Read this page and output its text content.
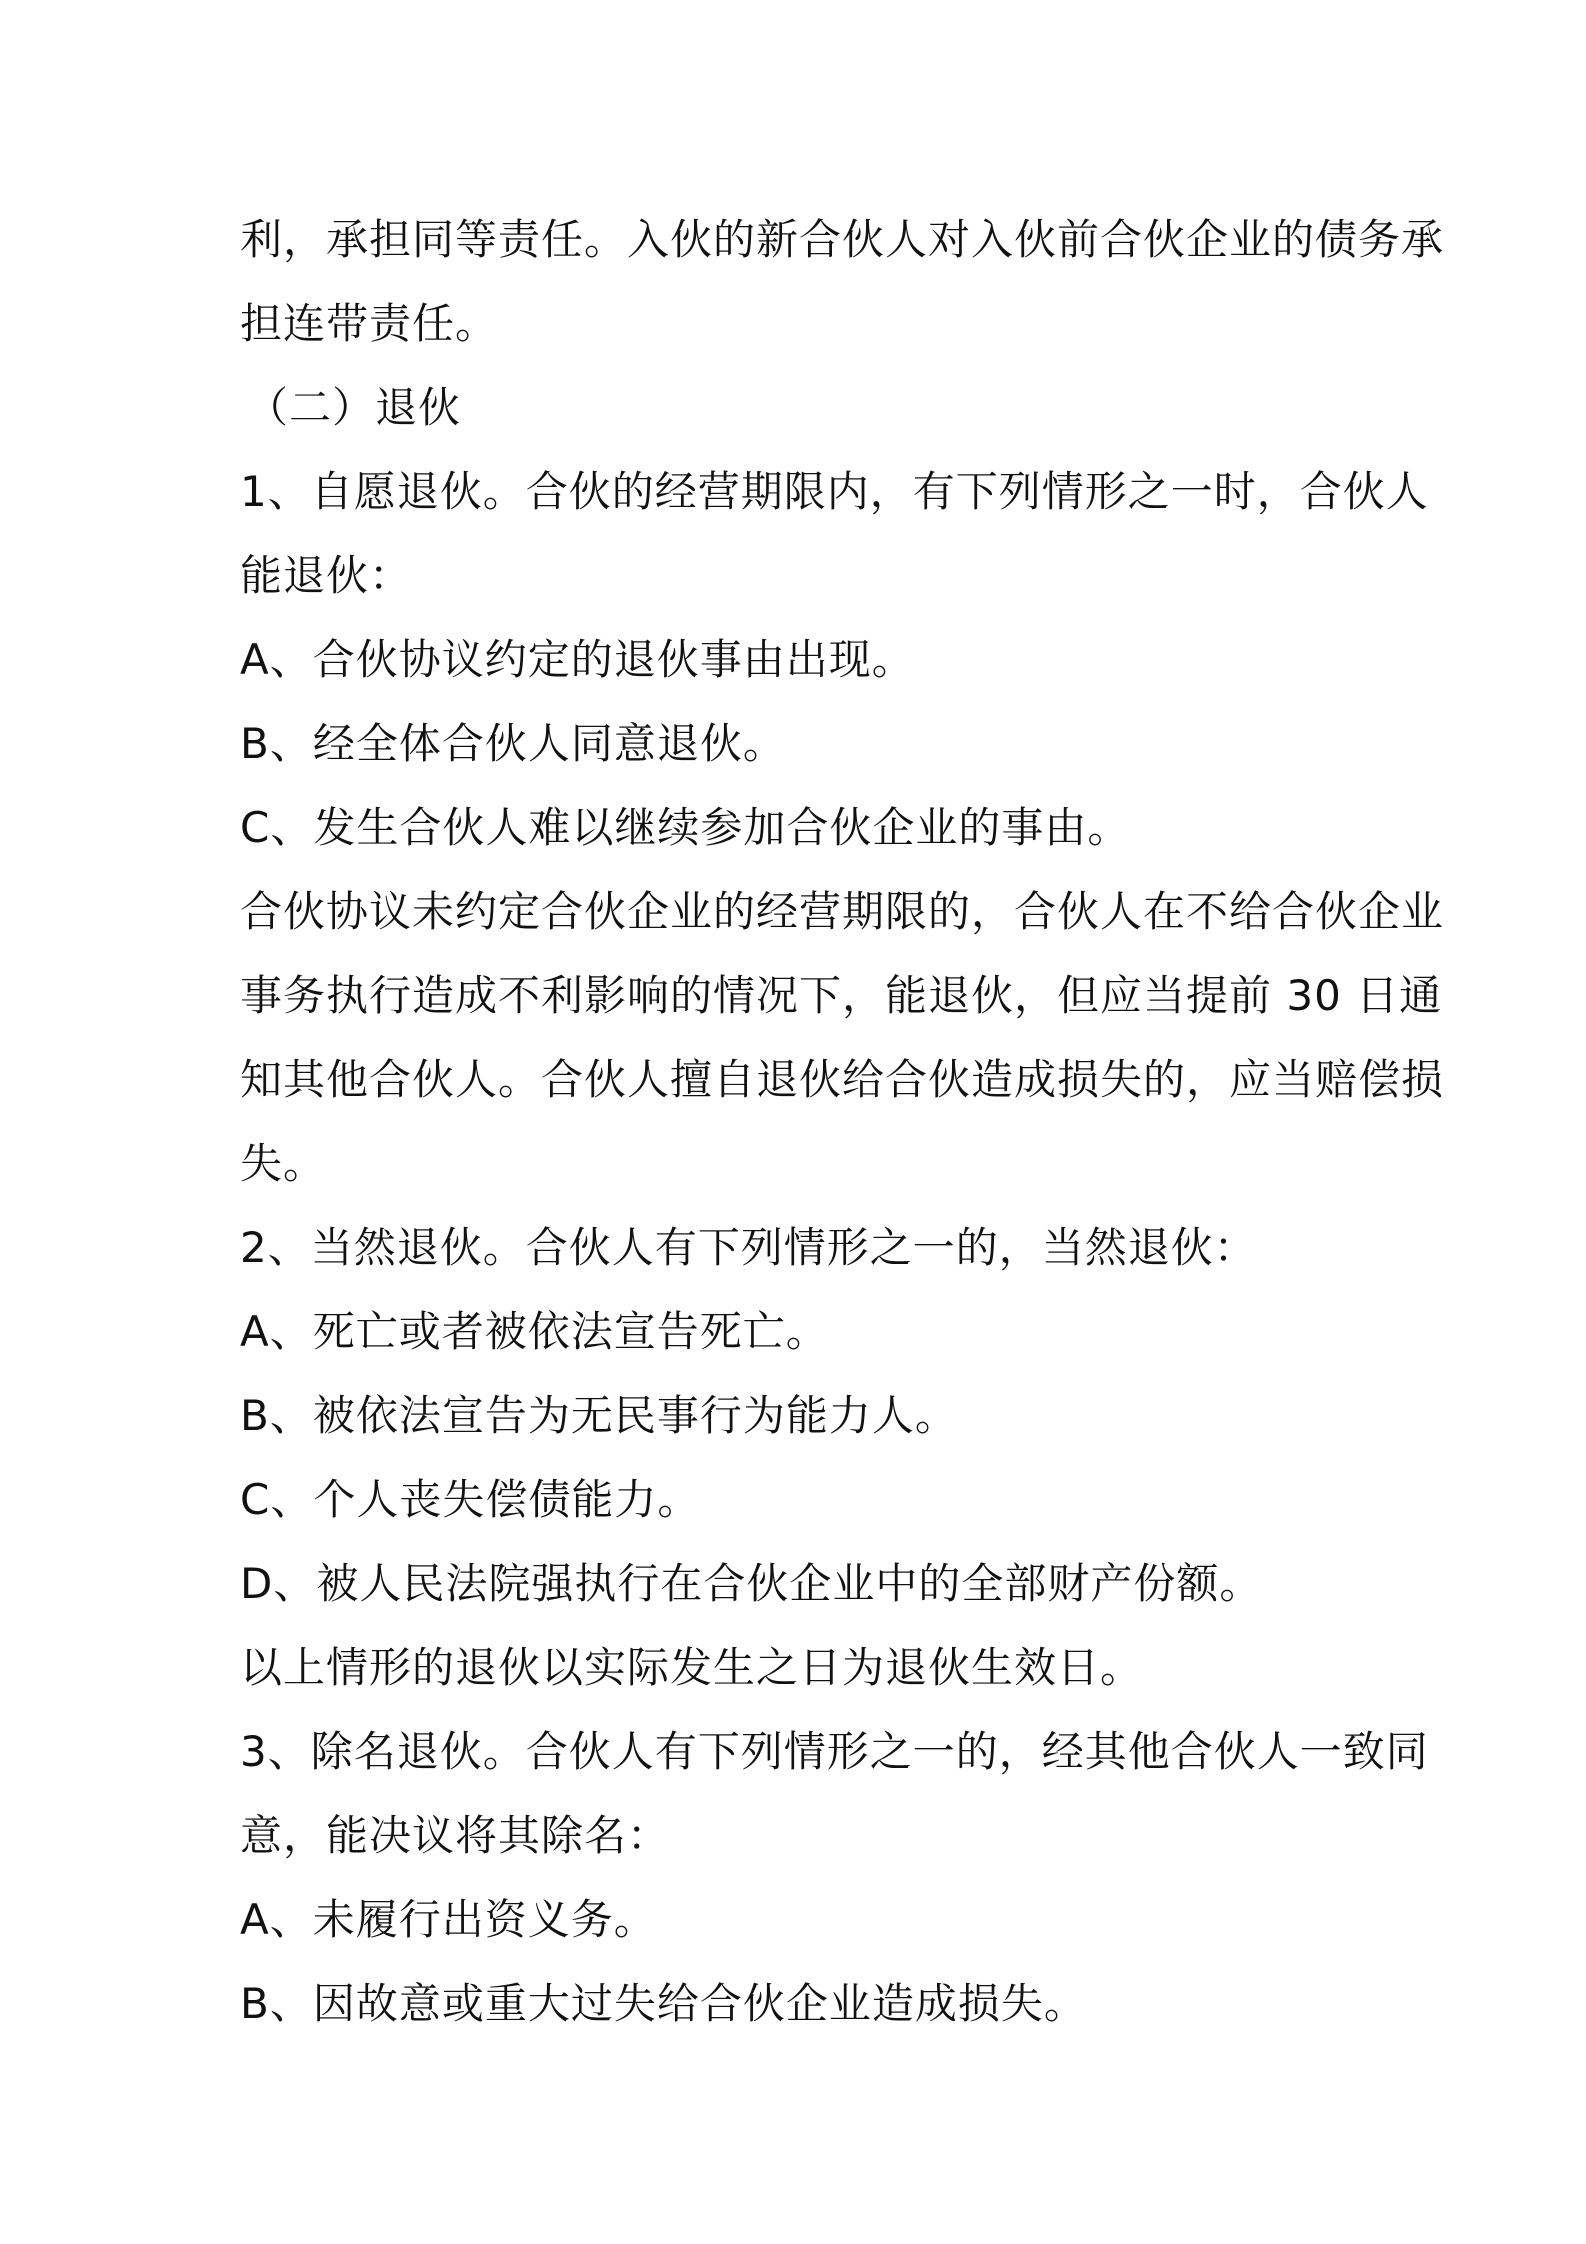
利，承担同等责任。入伙的新合伙人对入伙前合伙企业的债务承
担连带责任。
（二）退伙
1、自愿退伙。合伙的经营期限内，有下列情形之一时，合伙人
能退伙：
A、合伙协议约定的退伙事由出现。
B、经全体合伙人同意退伙。
C、发生合伙人难以继续参加合伙企业的事由。
合伙协议未约定合伙企业的经营期限的，合伙人在不给合伙企业
事务执行造成不利影响的情况下，能退伙，但应当提前 30 日通
知其他合伙人。合伙人擅自退伙给合伙造成损失的，应当赔偿损
失。
2、当然退伙。合伙人有下列情形之一的，当然退伙：
A、死亡或者被依法宣告死亡。
B、被依法宣告为无民事行为能力人。
C、个人丧失偿债能力。
D、被人民法院强执行在合伙企业中的全部财产份额。
以上情形的退伙以实际发生之日为退伙生效日。
3、除名退伙。合伙人有下列情形之一的，经其他合伙人一致同
意，能决议将其除名：
A、未履行出资义务。
B、因故意或重大过失给合伙企业造成损失。
